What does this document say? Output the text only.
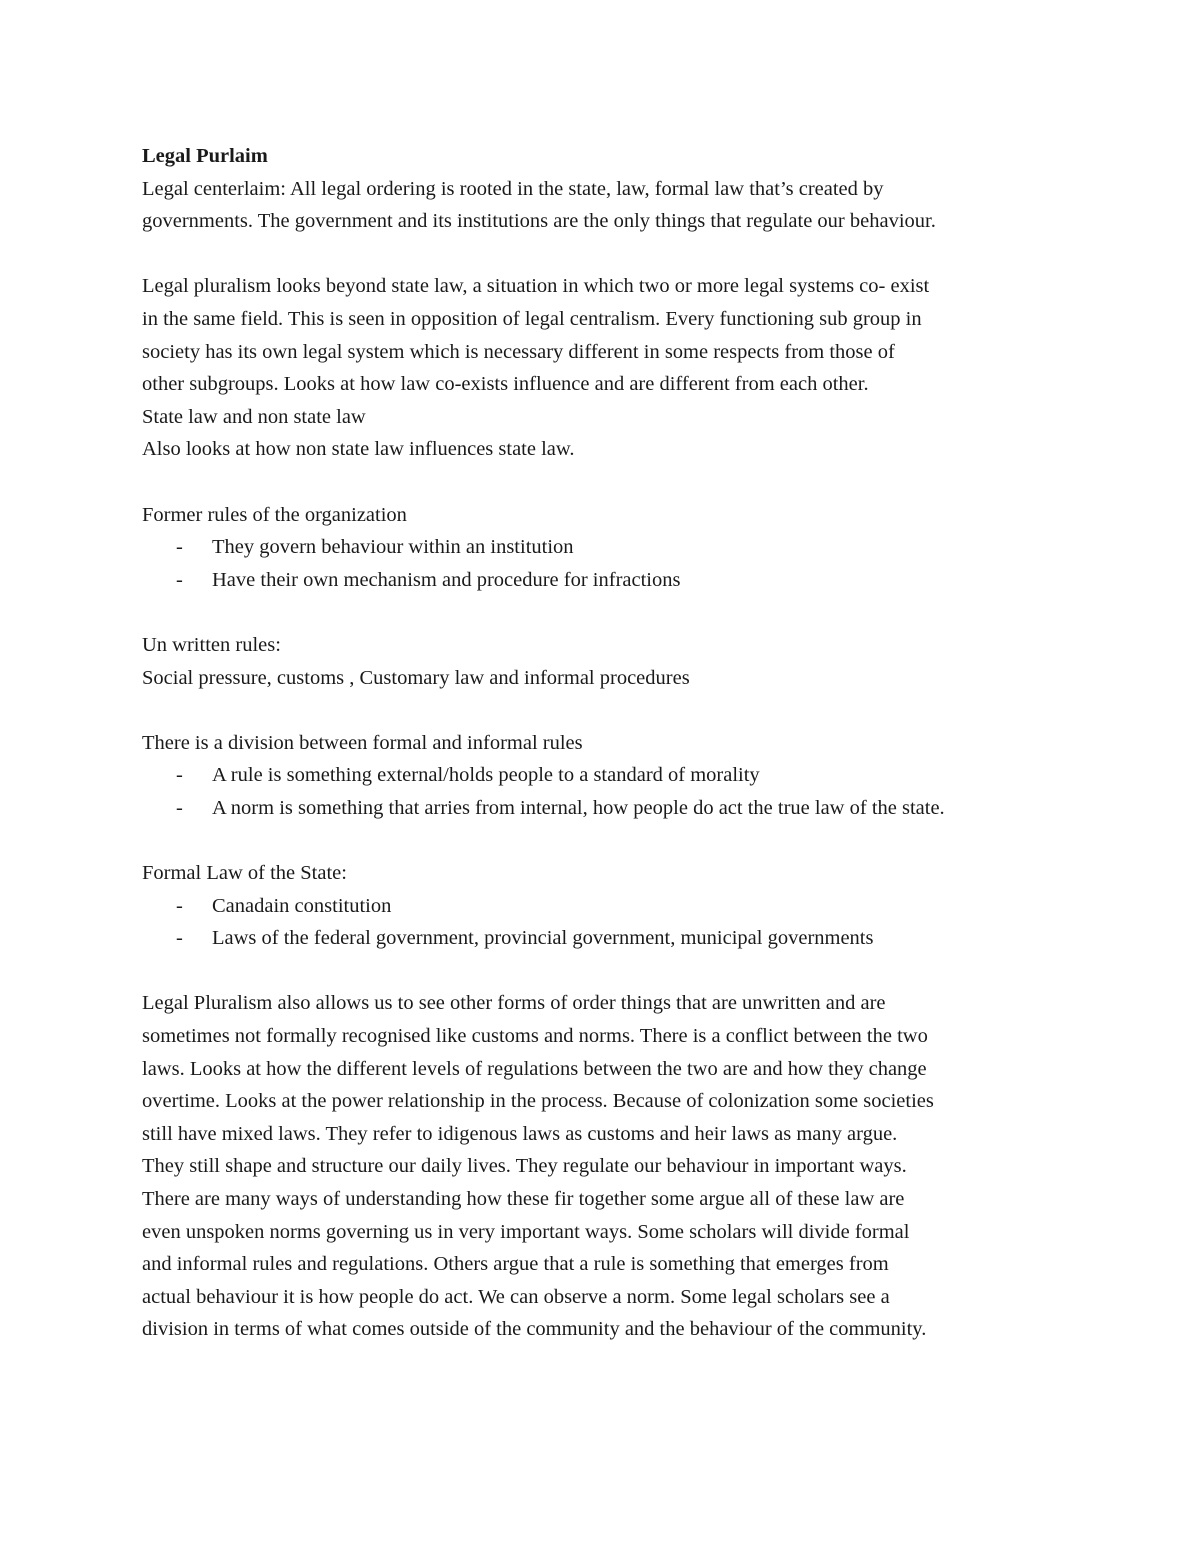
Legal Purlaim

Legal centerlaim: All legal ordering is rooted in the state, law, formal law that’s created by
governments. The government and its institutions are the only things that regulate our behaviour.

Legal pluralism looks beyond state law, a situation in which two or more legal systems co- exist
in the same field. This is seen in opposition of legal centralism. Every functioning sub group in
society has its own legal system which is necessary different in some respects from those of
other subgroups. Looks at how law co-exists influence and are different from each other.
State law and non state law
Also looks at how non state law influences state law.

Former rules of the organization

- They govern behaviour within an institution
- Have their own mechanism and procedure for infractions

Un written rules:
Social pressure, customs , Customary law and informal procedures

There is a division between formal and informal rules

- A rule is something external/holds people to a standard of morality
- A norm is something that arries from internal, how people do act the true law of the state.

Formal Law of the State:

- Canadain constitution
- Laws of the federal government, provincial government, municipal governments

Legal Pluralism also allows us to see other forms of order things that are unwritten and are
sometimes not formally recognised like customs and norms. There is a conflict between the two
laws. Looks at how the different levels of regulations between the two are and how they change
overtime. Looks at the power relationship in the process. Because of colonization some societies
still have mixed laws. They refer to idigenous laws as customs and heir laws as many argue.
They still shape and structure our daily lives. They regulate our behaviour in important ways.
There are many ways of understanding how these fir together some argue all of these law are
even unspoken norms governing us in very important ways. Some scholars will divide formal
and informal rules and regulations. Others argue that a rule is something that emerges from
actual behaviour it is how people do act. We can observe a norm. Some legal scholars see a
division in terms of what comes outside of the community and the behaviour of the community.
